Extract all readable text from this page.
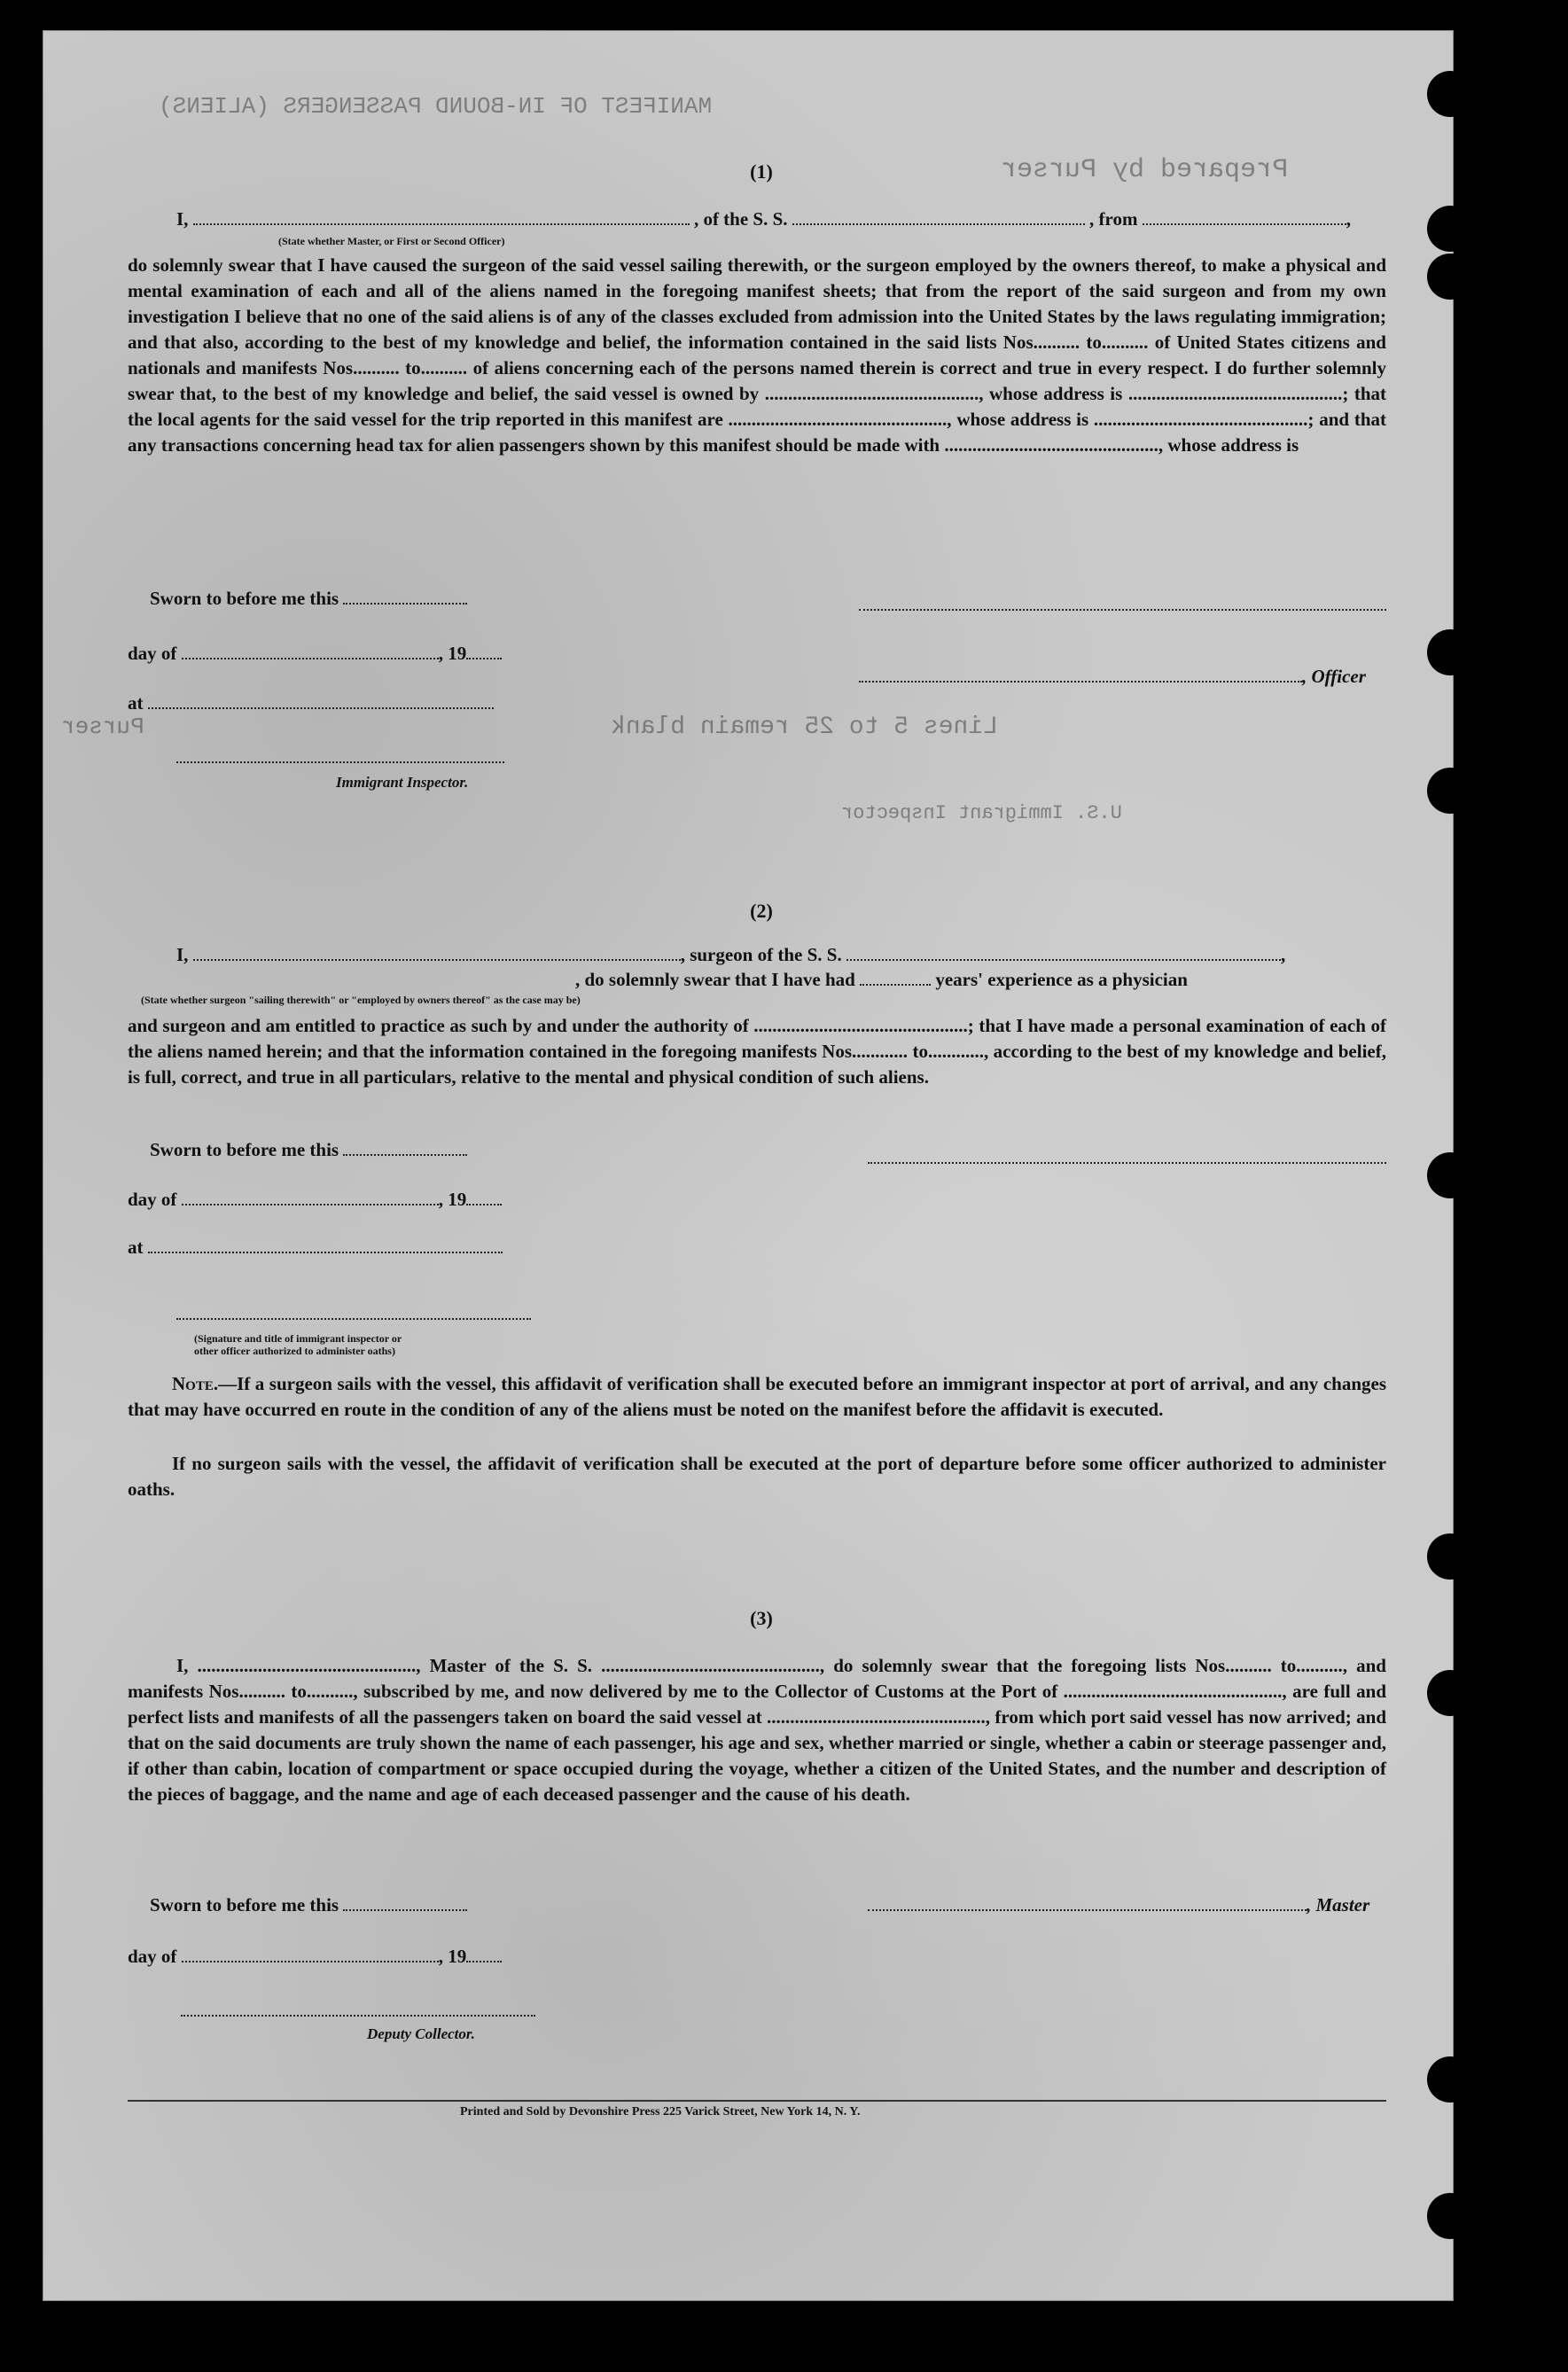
MANIFEST OF IN-BOUND PASSENGERS (ALIENS)
Prepared by Purser
Lines 5 to 25 remain blank
Purser
U.S. Immigrant Inspector
(1)
I,	, of the S. S.	, from	,
(State whether Master, or First or Second Officer)
do solemnly swear that I have caused the surgeon of the said vessel sailing therewith, or the surgeon employed by the owners thereof, to make a physical and mental examination of each and all of the aliens named in the foregoing manifest sheets; that from the report of the said surgeon and from my own investigation I believe that no one of the said aliens is of any of the classes excluded from admission into the United States by the laws regulating immigration; and that also, according to the best of my knowledge and belief, the information contained in the said lists Nos.......... to.......... of United States citizens and nationals and manifests Nos.......... to.......... of aliens concerning each of the persons named therein is correct and true in every respect. I do further solemnly swear that, to the best of my knowledge and belief, the said vessel is owned by .............................................., whose address is ..............................................; that the local agents for the said vessel for the trip reported in this manifest are ..............................................., whose address is ..............................................; and that any transactions concerning head tax for alien passengers shown by this manifest should be made with .............................................., whose address is
Sworn to before me this
day of	, 19
, Officer
at
Immigrant Inspector.
(2)
I,	, surgeon of the S. S.	,
, do solemnly swear that I have had	years' experience as a physician
(State whether surgeon "sailing therewith" or "employed by owners thereof" as the case may be)
and surgeon and am entitled to practice as such by and under the authority of ..............................................; that I have made a personal examination of each of the aliens named herein; and that the information contained in the foregoing manifests Nos............ to............, according to the best of my knowledge and belief, is full, correct, and true in all particulars, relative to the mental and physical condition of such aliens.
Sworn to before me this
day of	, 19
at
(Signature and title of immigrant inspector or
other officer authorized to administer oaths)
Note.—If a surgeon sails with the vessel, this affidavit of verification shall be executed before an immigrant inspector at port of arrival, and any changes that may have occurred en route in the condition of any of the aliens must be noted on the manifest before the affidavit is executed.
If no surgeon sails with the vessel, the affidavit of verification shall be executed at the port of departure before some officer authorized to administer oaths.
(3)
I, ..............................................., Master of the S. S. ..............................................., do solemnly swear that the foregoing lists Nos.......... to.........., and manifests Nos.......... to.........., subscribed by me, and now delivered by me to the Collector of Customs at the Port of ..............................................., are full and perfect lists and manifests of all the passengers taken on board the said vessel at ..............................................., from which port said vessel has now arrived; and that on the said documents are truly shown the name of each passenger, his age and sex, whether married or single, whether a cabin or steerage passenger and, if other than cabin, location of compartment or space occupied during the voyage, whether a citizen of the United States, and the number and description of the pieces of baggage, and the name and age of each deceased passenger and the cause of his death.
Sworn to before me this	, Master
day of	, 19
Deputy Collector.
Printed and Sold by Devonshire Press 225 Varick Street, New York 14, N. Y.
